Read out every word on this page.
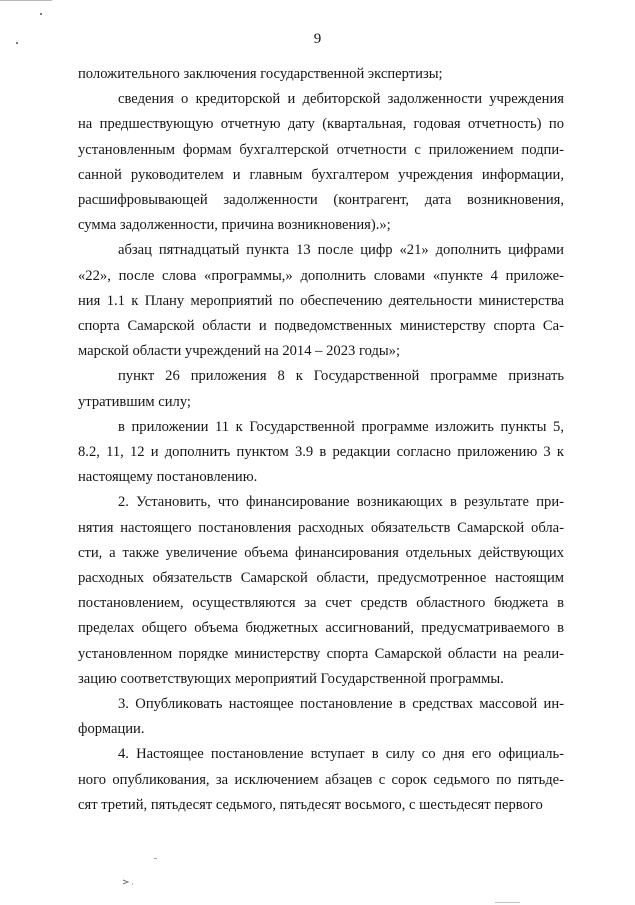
9
положительного заключения государственной экспертизы;
сведения о кредиторской и дебиторской задолженности учреждения
на предшествующую отчетную дату (квартальная, годовая отчетность) по
установленным формам бухгалтерской отчетности с приложением подпи-
санной руководителем и главным бухгалтером учреждения информации,
расшифровывающей задолженности (контрагент, дата возникновения,
сумма задолженности, причина возникновения).»;
абзац пятнадцатый пункта 13 после цифр «21» дополнить цифрами
«22», после слова «программы,» дополнить словами «пункте 4 приложе-
ния 1.1 к Плану мероприятий по обеспечению деятельности министерства
спорта Самарской области и подведомственных министерству спорта Са-
марской области учреждений на 2014 – 2023 годы»;
пункт 26 приложения 8 к Государственной программе признать
утратившим силу;
в приложении 11 к Государственной программе изложить пункты 5,
8.2, 11, 12 и дополнить пунктом 3.9 в редакции согласно приложению 3 к
настоящему постановлению.
2. Установить, что финансирование возникающих в результате при-
нятия настоящего постановления расходных обязательств Самарской обла-
сти, а также увеличение объема финансирования отдельных действующих
расходных обязательств Самарской области, предусмотренное настоящим
постановлением, осуществляются за счет средств областного бюджета в
пределах общего объема бюджетных ассигнований, предусматриваемого в
установленном порядке министерству спорта Самарской области на реали-
зацию соответствующих мероприятий Государственной программы.
3. Опубликовать настоящее постановление в средствах массовой ин-
формации.
4. Настоящее постановление вступает в силу со дня его официаль-
ного опубликования, за исключением абзацев с сорок седьмого по пятьде-
сят третий, пятьдесят седьмого, пятьдесят восьмого, с шестьдесят первого
